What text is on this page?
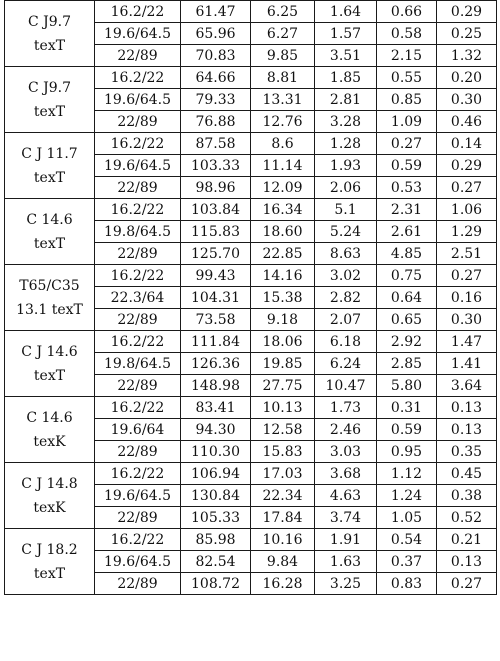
C J9.7
texT	16.2/22	61.47	6.25	1.64	0.66	0.29
	19.6/64.5	65.96	6.27	1.57	0.58	0.25
	22/89	70.83	9.85	3.51	2.15	1.32

C J9.7
texT	16.2/22	64.66	8.81	1.85	0.55	0.20
	19.6/64.5	79.33	13.31	2.81	0.85	0.30
	22/89	76.88	12.76	3.28	1.09	0.46

C J 11.7
texT	16.2/22	87.58	8.6	1.28	0.27	0.14
	19.6/64.5	103.33	11.14	1.93	0.59	0.29
	22/89	98.96	12.09	2.06	0.53	0.27

C 14.6
texT	16.2/22	103.84	16.34	5.1	2.31	1.06
	19.8/64.5	115.83	18.60	5.24	2.61	1.29
	22/89	125.70	22.85	8.63	4.85	2.51

T65/C35
13.1 texT	16.2/22	99.43	14.16	3.02	0.75	0.27
	22.3/64	104.31	15.38	2.82	0.64	0.16
	22/89	73.58	9.18	2.07	0.65	0.30

C J 14.6
texT	16.2/22	111.84	18.06	6.18	2.92	1.47
	19.8/64.5	126.36	19.85	6.24	2.85	1.41
	22/89	148.98	27.75	10.47	5.80	3.64

C 14.6
texK	16.2/22	83.41	10.13	1.73	0.31	0.13
	19.6/64	94.30	12.58	2.46	0.59	0.13
	22/89	110.30	15.83	3.03	0.95	0.35

C J 14.8
texK	16.2/22	106.94	17.03	3.68	1.12	0.45
	19.6/64.5	130.84	22.34	4.63	1.24	0.38
	22/89	105.33	17.84	3.74	1.05	0.52

C J 18.2
texT	16.2/22	85.98	10.16	1.91	0.54	0.21
	19.6/64.5	82.54	9.84	1.63	0.37	0.13
	22/89	108.72	16.28	3.25	0.83	0.27
